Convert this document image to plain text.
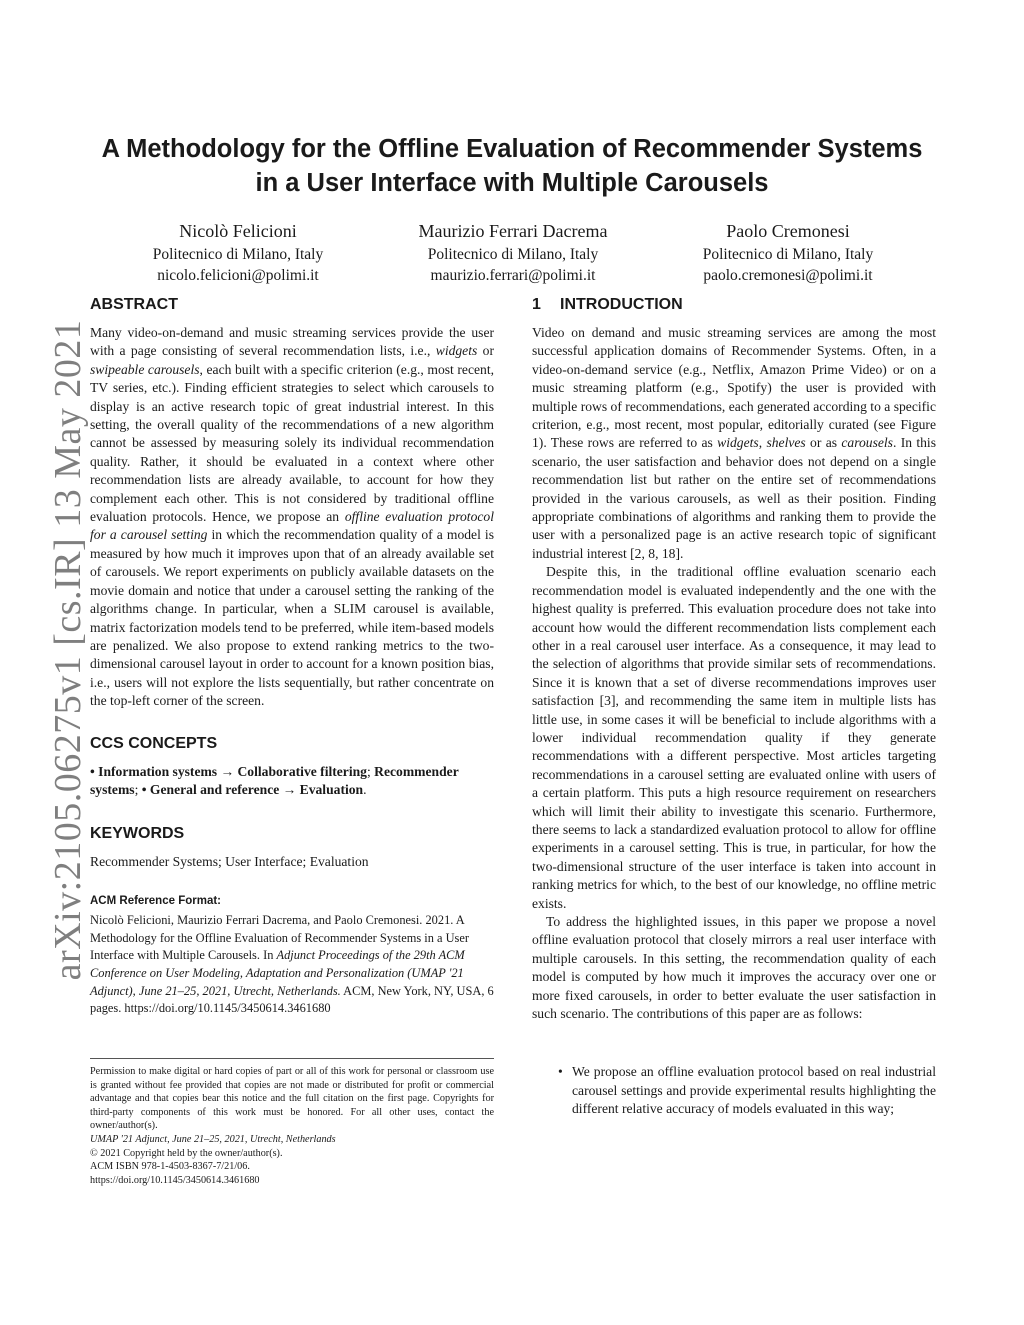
arXiv:2105.06275v1 [cs.IR] 13 May 2021
A Methodology for the Offline Evaluation of Recommender Systems in a User Interface with Multiple Carousels
Nicolò Felicioni
Politecnico di Milano, Italy
nicolo.felicioni@polimi.it
Maurizio Ferrari Dacrema
Politecnico di Milano, Italy
maurizio.ferrari@polimi.it
Paolo Cremonesi
Politecnico di Milano, Italy
paolo.cremonesi@polimi.it
ABSTRACT

Many video-on-demand and music streaming services provide the user with a page consisting of several recommendation lists, i.e., widgets or swipeable carousels, each built with a specific criterion (e.g., most recent, TV series, etc.). Finding efficient strategies to select which carousels to display is an active research topic of great industrial interest. In this setting, the overall quality of the recommendations of a new algorithm cannot be assessed by measuring solely its individual recommendation quality. Rather, it should be evaluated in a context where other recommendation lists are already available, to account for how they complement each other. This is not considered by traditional offline evaluation protocols. Hence, we propose an offline evaluation protocol for a carousel setting in which the recommendation quality of a model is measured by how much it improves upon that of an already available set of carousels. We report experiments on publicly available datasets on the movie domain and notice that under a carousel setting the ranking of the algorithms change. In particular, when a SLIM carousel is available, matrix factorization models tend to be preferred, while item-based models are penalized. We also propose to extend ranking metrics to the two-dimensional carousel layout in order to account for a known position bias, i.e., users will not explore the lists sequentially, but rather concentrate on the top-left corner of the screen.

CCS CONCEPTS

• Information systems → Collaborative filtering; Recommender systems; • General and reference → Evaluation.

KEYWORDS

Recommender Systems; User Interface; Evaluation

ACM Reference Format:

Nicolò Felicioni, Maurizio Ferrari Dacrema, and Paolo Cremonesi. 2021. A Methodology for the Offline Evaluation of Recommender Systems in a User Interface with Multiple Carousels. In Adjunct Proceedings of the 29th ACM Conference on User Modeling, Adaptation and Personalization (UMAP '21 Adjunct), June 21–25, 2021, Utrecht, Netherlands. ACM, New York, NY, USA, 6 pages. https://doi.org/10.1145/3450614.3461680

Permission to make digital or hard copies of part or all of this work for personal or classroom use is granted without fee provided that copies are not made or distributed for profit or commercial advantage and that copies bear this notice and the full citation on the first page. Copyrights for third-party components of this work must be honored. For all other uses, contact the owner/author(s).

UMAP '21 Adjunct, June 21–25, 2021, Utrecht, Netherlands
© 2021 Copyright held by the owner/author(s).
ACM ISBN 978-1-4503-8367-7/21/06.
https://doi.org/10.1145/3450614.3461680
1 INTRODUCTION

Video on demand and music streaming services are among the most successful application domains of Recommender Systems. Often, in a video-on-demand service (e.g., Netflix, Amazon Prime Video) or on a music streaming platform (e.g., Spotify) the user is provided with multiple rows of recommendations, each generated according to a specific criterion, e.g., most recent, most popular, editorially curated (see Figure 1). These rows are referred to as widgets, shelves or as carousels. In this scenario, the user satisfaction and behavior does not depend on a single recommendation list but rather on the entire set of recommendations provided in the various carousels, as well as their position. Finding appropriate combinations of algorithms and ranking them to provide the user with a personalized page is an active research topic of significant industrial interest [2, 8, 18].

Despite this, in the traditional offline evaluation scenario each recommendation model is evaluated independently and the one with the highest quality is preferred. This evaluation procedure does not take into account how would the different recommendation lists complement each other in a real carousel user interface. As a consequence, it may lead to the selection of algorithms that provide similar sets of recommendations. Since it is known that a set of diverse recommendations improves user satisfaction [3], and recommending the same item in multiple lists has little use, in some cases it will be beneficial to include algorithms with a lower individual recommendation quality if they generate recommendations with a different perspective. Most articles targeting recommendations in a carousel setting are evaluated online with users of a certain platform. This puts a high resource requirement on researchers which will limit their ability to investigate this scenario. Furthermore, there seems to lack a standardized evaluation protocol to allow for offline experiments in a carousel setting. This is true, in particular, for how the two-dimensional structure of the user interface is taken into account in ranking metrics for which, to the best of our knowledge, no offline metric exists.

To address the highlighted issues, in this paper we propose a novel offline evaluation protocol that closely mirrors a real user interface with multiple carousels. In this setting, the recommendation quality of each model is computed by how much it improves the accuracy over one or more fixed carousels, in order to better evaluate the user satisfaction in such scenario. The contributions of this paper are as follows:

• We propose an offline evaluation protocol based on real industrial carousel settings and provide experimental results highlighting the different relative accuracy of models evaluated in this way;
